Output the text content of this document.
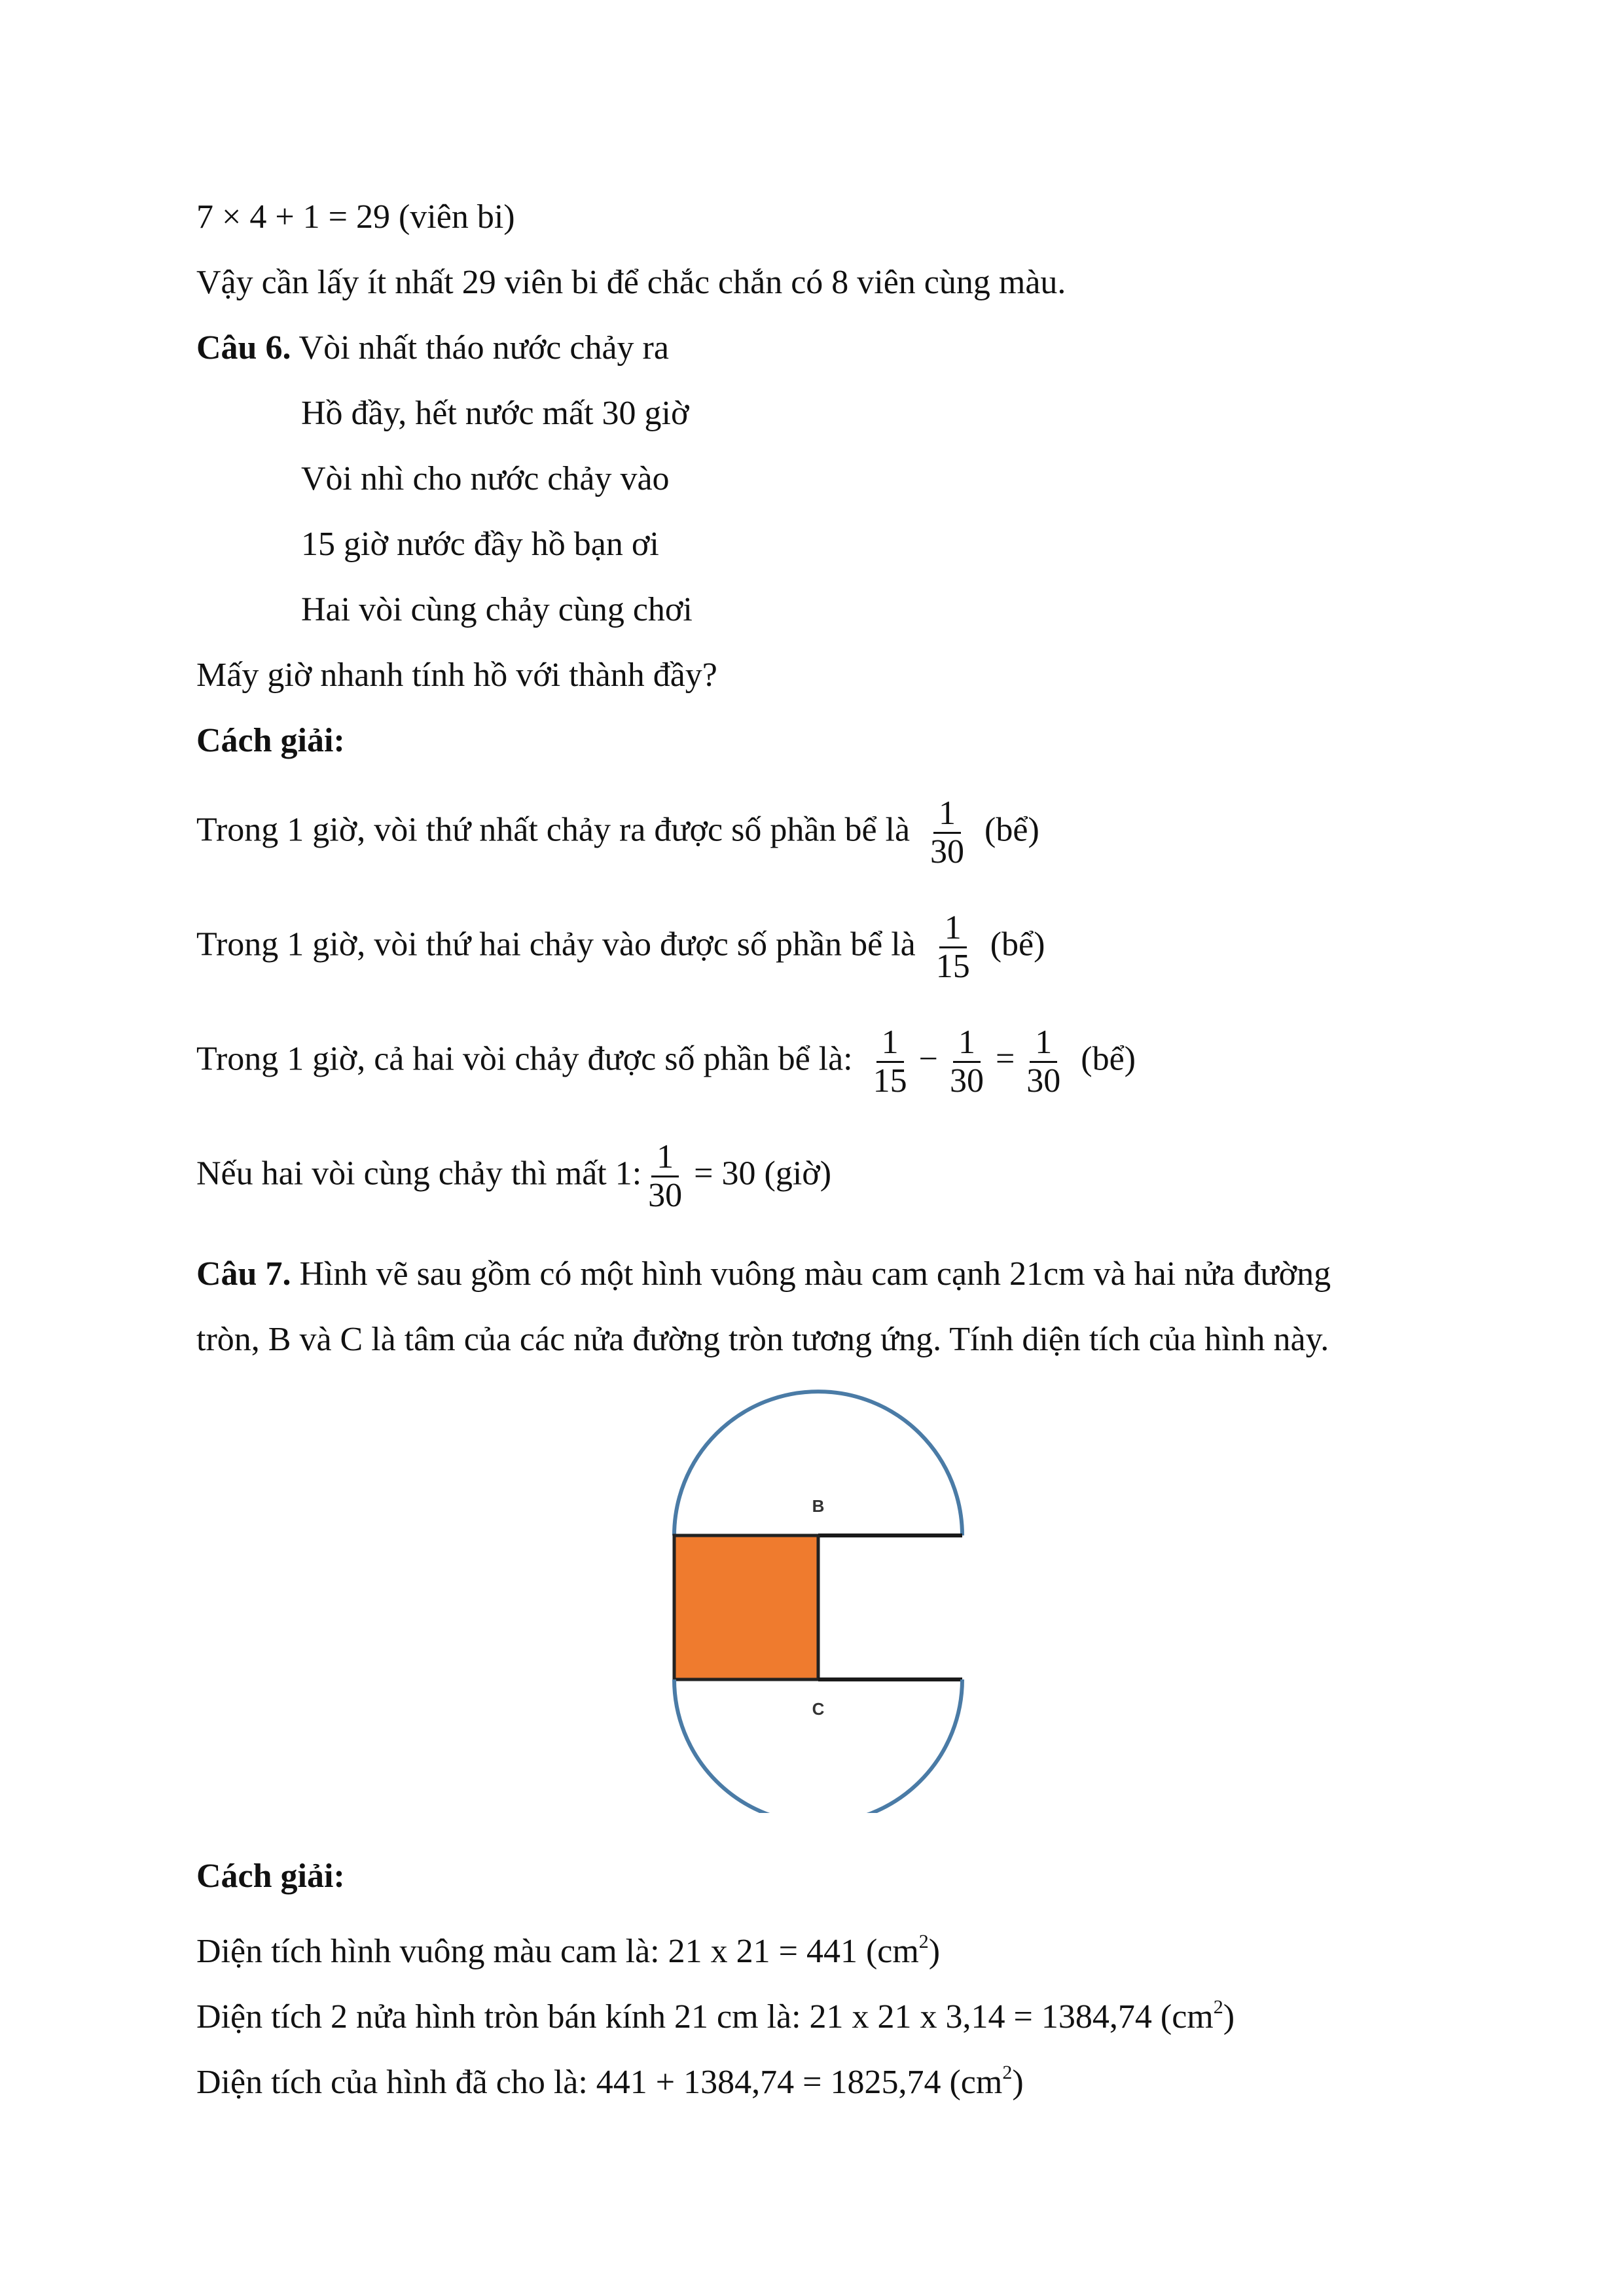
7 × 4 + 1 = 29 (viên bi)
Vậy cần lấy ít nhất 29 viên bi để chắc chắn có 8 viên cùng màu.
Câu 6. Vòi nhất tháo nước chảy ra
Hồ đầy, hết nước mất 30 giờ
Vòi nhì cho nước chảy vào
15 giờ nước đầy hồ bạn ơi
Hai vòi cùng chảy cùng chơi
Mấy giờ nhanh tính hồ với thành đầy?
Cách giải:
Trong 1 giờ, vòi thứ nhất chảy ra được số phần bể là $\frac{1}{30}$ (bể)
Trong 1 giờ, vòi thứ hai chảy vào được số phần bể là $\frac{1}{15}$ (bể)
Trong 1 giờ, cả hai vòi chảy được số phần bể là: $\frac{1}{15} - \frac{1}{30} = \frac{1}{30}$ (bể)
Nếu hai vòi cùng chảy thì mất 1: $\frac{1}{30} = 30$ (giờ)
Câu 7. Hình vẽ sau gồm có một hình vuông màu cam cạnh 21cm và hai nửa đường
tròn, B và C là tâm của các nửa đường tròn tương ứng. Tính diện tích của hình này.
B
C
Cách giải:
Diện tích hình vuông màu cam là: 21 x 21 = 441 $(cm^2)$
Diện tích 2 nửa hình tròn bán kính 21 cm là: 21 x 21 x 3,14 = 1384,74 $(cm^2)$
Diện tích của hình đã cho là: 441 + 1384,74 = 1825,74 $(cm^2)$
